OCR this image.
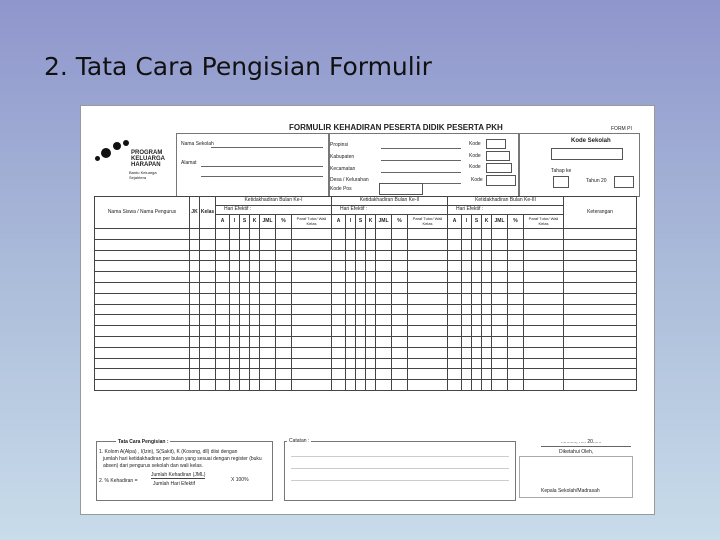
2. Tata Cara Pengisian Formulir
PROGRAM
KELUARGA
HARAPAN
Bantu Keluarga Sejahtera
FORMULIR KEHADIRAN PESERTA DIDIK PESERTA PKH	FORM PI
Nama Sekolah
Alamat
Propinsi
Kabupaten
Kecamatan
Desa / Kelurahan
Kode Pos
Kode
Kode
Kode
Kode
Kode Sekolah
Tahap ke
Tahun 20
Nama Siswa / Nama Pengurus	JK	Kelas	Ketidakhadiran Bulan Ke-I							Ketidakhadiran Bulan Ke-II							Ketidakhadiran Bulan Ke-III							Keterangan
			Hari Efektif :							Hari Efektif :							Hari Efektif :							
			A	I	S	K	JML	%	Paraf Tutor/ Wali Kelas	A	I	S	K	JML	%	Paraf Tutor/ Wali Kelas	A	I	S	K	JML	%	Paraf Tutor/ Wali Kelas	

Tata Cara Pengisian :
1. Kolom A(Alpa) , I(Izin), S(Sakit), K (Kosong, dll) diisi dengan
jumlah hari ketidakhadiran per bulan yang sesuai dengan register (buku
absen) dari pengurus sekolah dan wali kelas.
2. % Kehadiran =
Jumlah Kehadiran (JML)
Jumlah Hari Efektif
X 100%
Catatan :	..........., ..... 20......
Diketahui Oleh,
Kepala Sekolah/Madrasah
